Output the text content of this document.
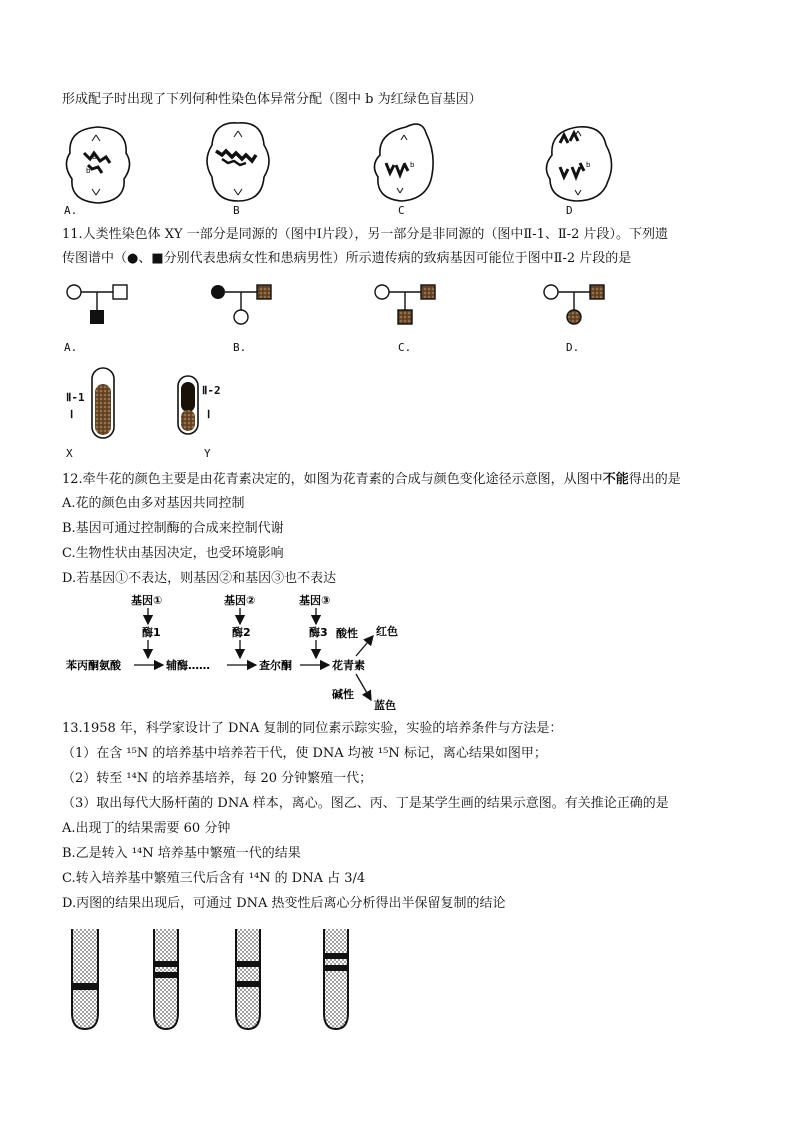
形成配子时出现了下列何种性染色体异常分配（图中 b 为红绿色盲基因）
B
b
b	b
A.	B	C	D
11.人类性染色体 XY 一部分是同源的（图中Ⅰ片段），另一部分是非同源的（图中Ⅱ-1、Ⅱ-2 片段）。下列遗
传图谱中（●、■分别代表患病女性和患病男性）所示遗传病的致病基因可能位于图中Ⅱ-2 片段的是
A.	B.	C.	D.
Ⅱ-1
Ⅰ
Ⅱ-2
Ⅰ
X	Y
12.牵牛花的颜色主要是由花青素决定的，如图为花青素的合成与颜色变化途径示意图，从图中不能得出的是
A.花的颜色由多对基因共同控制
B.基因可通过控制酶的合成来控制代谢
C.生物性状由基因决定，也受环境影响
D.若基因①不表达，则基因②和基因③也不表达
基因①	基因②	基因③
酶1	酶2	酶3
苯丙酮氨酸	辅酶……	查尔酮	花青素
酸性 红色
碱性
蓝色
13.1958 年，科学家设计了 DNA 复制的同位素示踪实验，实验的培养条件与方法是：
（1）在含 ¹⁵N 的培养基中培养若干代，使 DNA 均被 ¹⁵N 标记，离心结果如图甲；
（2）转至 ¹⁴N 的培养基培养，每 20 分钟繁殖一代；
（3）取出每代大肠杆菌的 DNA 样本，离心。图乙、丙、丁是某学生画的结果示意图。有关推论正确的是
A.出现丁的结果需要 60 分钟
B.乙是转入 ¹⁴N 培养基中繁殖一代的结果
C.转入培养基中繁殖三代后含有 ¹⁴N 的 DNA 占 3/4
D.丙图的结果出现后，可通过 DNA 热变性后离心分析得出半保留复制的结论
